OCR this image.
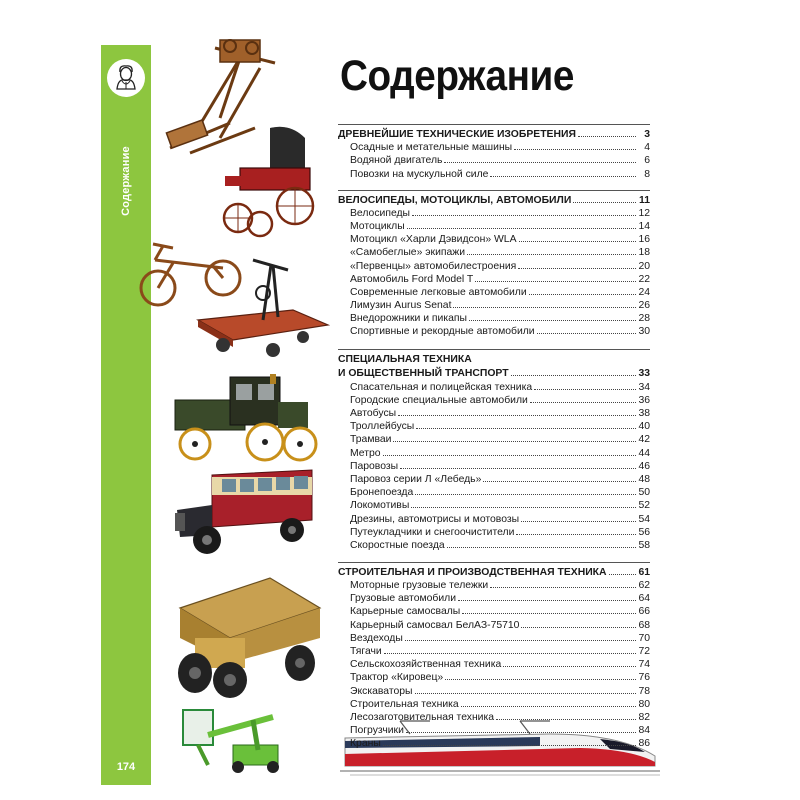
Содержание
174
Содержание
ДРЕВНЕЙШИЕ ТЕХНИЧЕСКИЕ ИЗОБРЕТЕНИЯ	3
Осадные и метательные машины	4
Водяной двигатель	6
Повозки на мускульной силе	8
ВЕЛОСИПЕДЫ, МОТОЦИКЛЫ, АВТОМОБИЛИ	11
Велосипеды	12
Мотоциклы	14
Мотоцикл «Харли Дэвидсон» WLA	16
«Самобеглые» экипажи	18
«Первенцы» автомобилестроения	20
Автомобиль Ford Model T	22
Современные легковые автомобили	24
Лимузин Aurus Senat	26
Внедорожники и пикапы	28
Спортивные и рекордные автомобили	30
СПЕЦИАЛЬНАЯ ТЕХНИКА
И ОБЩЕСТВЕННЫЙ ТРАНСПОРТ	33
Спасательная и полицейская техника	34
Городские специальные автомобили	36
Автобусы	38
Троллейбусы	40
Трамваи	42
Метро	44
Паровозы	46
Паровоз серии Л «Лебедь»	48
Бронепоезда	50
Локомотивы	52
Дрезины, автомотрисы и мотовозы	54
Путеукладчики и снегоочистители	56
Скоростные поезда	58
СТРОИТЕЛЬНАЯ И ПРОИЗВОДСТВЕННАЯ ТЕХНИКА	61
Моторные грузовые тележки	62
Грузовые автомобили	64
Карьерные самосвалы	66
Карьерный самосвал БелАЗ-75710	68
Вездеходы	70
Тягачи	72
Сельскохозяйственная техника	74
Трактор «Кировец»	76
Экскаваторы	78
Строительная техника	80
Лесозаготовительная техника	82
Погрузчики	84
Краны	86
